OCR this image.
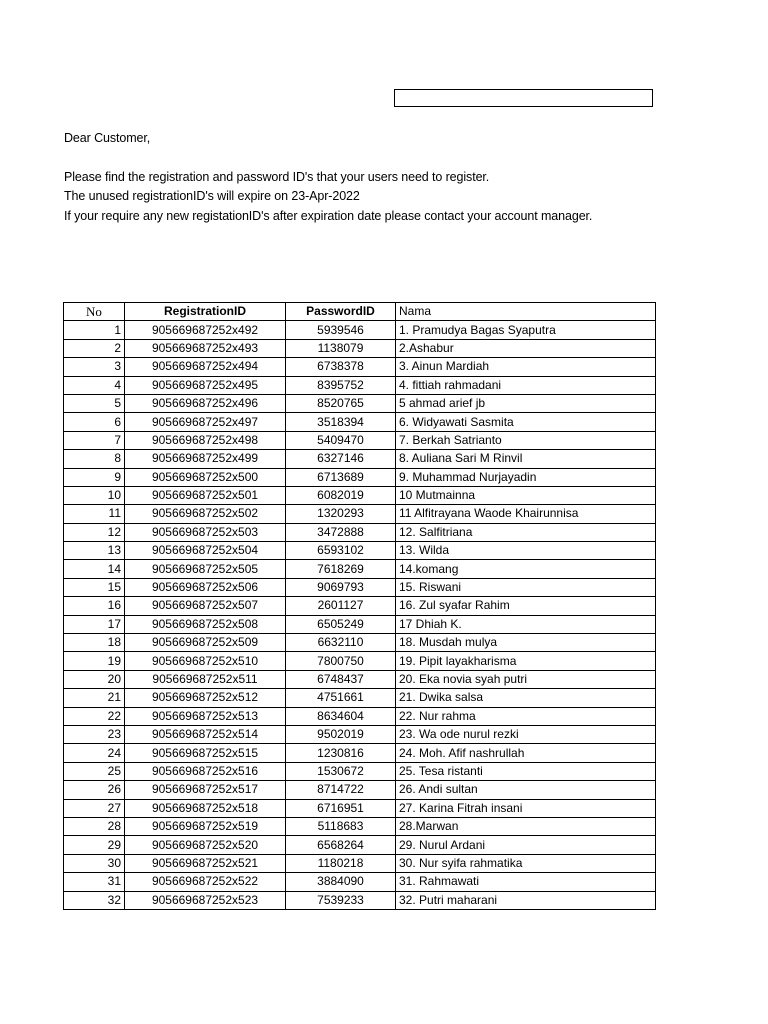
Dear Customer,

Please find the registration and password ID's that your users need to register.

The unused registrationID's will expire on 23-Apr-2022

If your require any new registationID's after expiration date please contact your account manager.

No	RegistrationID	PasswordID	Nama
1	905669687252x492	5939546	1. Pramudya Bagas Syaputra
2	905669687252x493	1138079	2.Ashabur
3	905669687252x494	6738378	3. Ainun Mardiah
4	905669687252x495	8395752	4. fittiah rahmadani
5	905669687252x496	8520765	5 ahmad arief jb
6	905669687252x497	3518394	6. Widyawati Sasmita
7	905669687252x498	5409470	7. Berkah Satrianto
8	905669687252x499	6327146	8. Auliana Sari M Rinvil
9	905669687252x500	6713689	9. Muhammad Nurjayadin
10	905669687252x501	6082019	10 Mutmainna
11	905669687252x502	1320293	11 Alfitrayana Waode Khairunnisa
12	905669687252x503	3472888	12. Salfitriana
13	905669687252x504	6593102	13. Wilda
14	905669687252x505	7618269	14.komang
15	905669687252x506	9069793	15. Riswani
16	905669687252x507	2601127	16. Zul syafar Rahim
17	905669687252x508	6505249	17 Dhiah K.
18	905669687252x509	6632110	18. Musdah mulya
19	905669687252x510	7800750	19. Pipit layakharisma
20	905669687252x511	6748437	20. Eka novia syah putri
21	905669687252x512	4751661	21. Dwika salsa
22	905669687252x513	8634604	22. Nur rahma
23	905669687252x514	9502019	23. Wa ode nurul rezki
24	905669687252x515	1230816	24. Moh. Afif nashrullah
25	905669687252x516	1530672	25. Tesa ristanti
26	905669687252x517	8714722	26. Andi sultan
27	905669687252x518	6716951	27. Karina Fitrah insani
28	905669687252x519	5118683	28.Marwan
29	905669687252x520	6568264	29. Nurul Ardani
30	905669687252x521	1180218	30. Nur syifa rahmatika
31	905669687252x522	3884090	31. Rahmawati
32	905669687252x523	7539233	32. Putri maharani
